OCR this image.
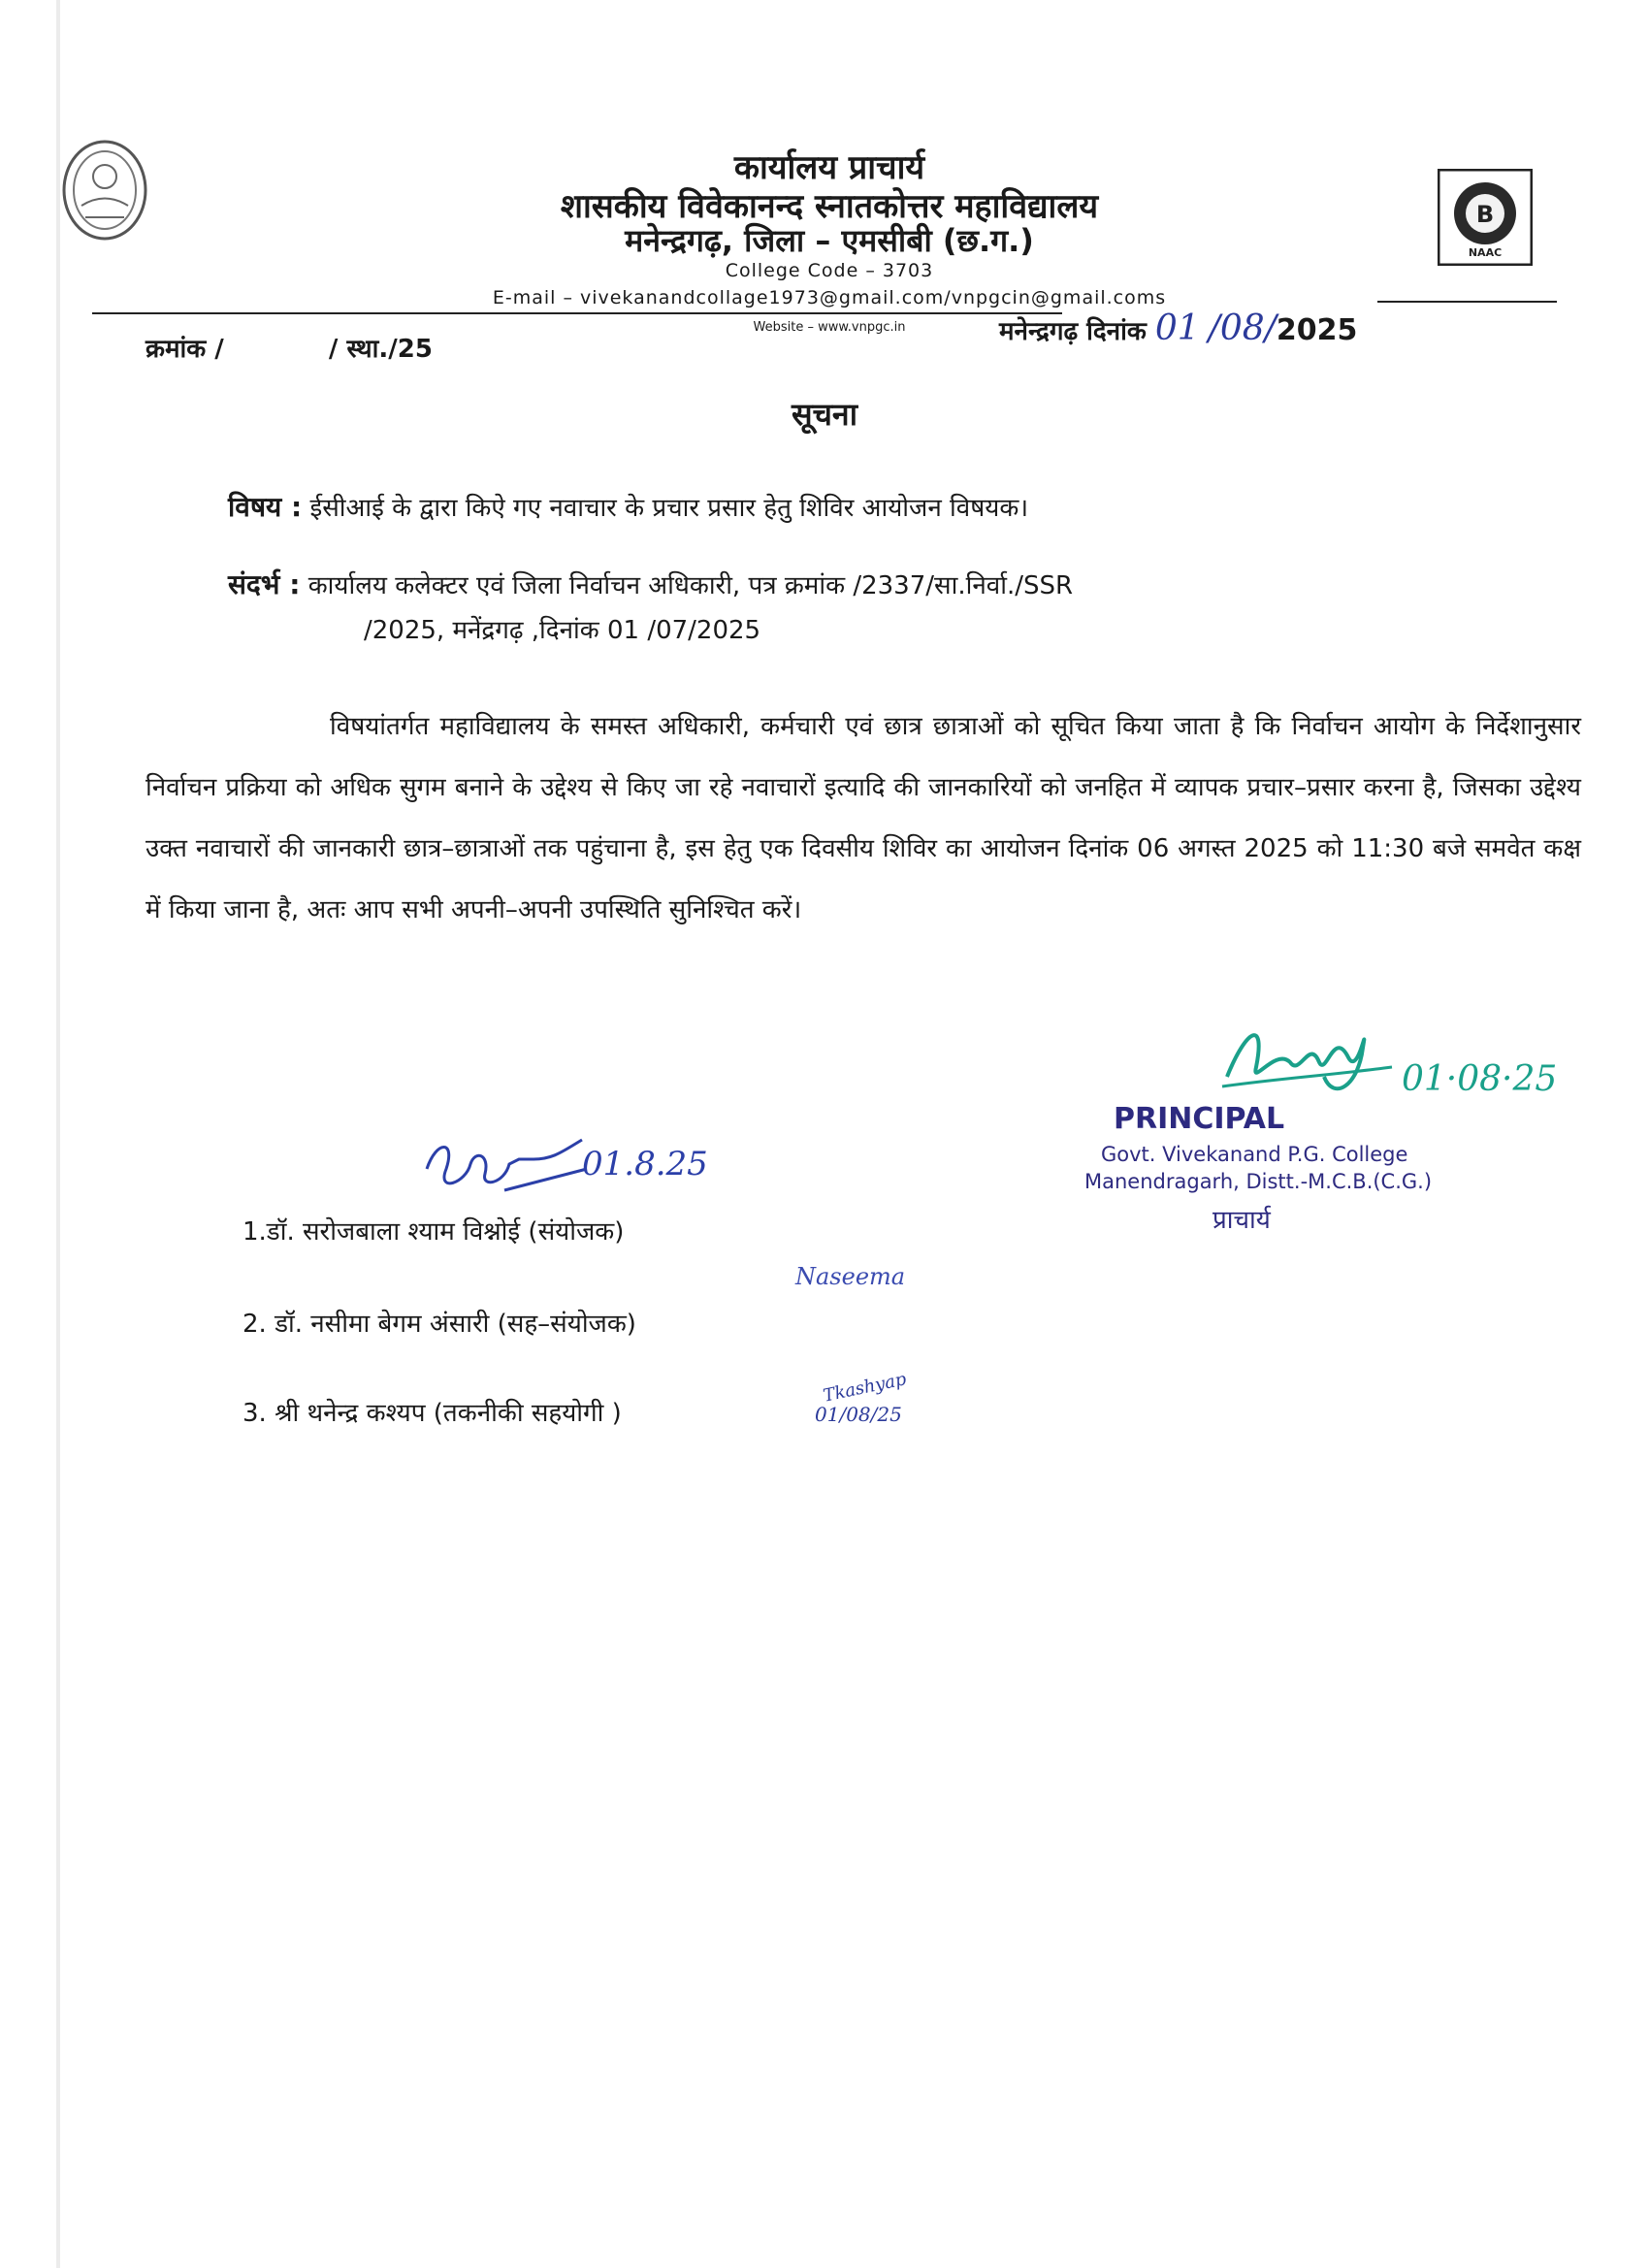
B
NAAC
कार्यालय प्राचार्य
शासकीय विवेकानन्द स्नातकोत्तर महाविद्यालय
मनेन्द्रगढ़, जिला – एमसीबी (छ.ग.)
College Code – 3703
E-mail – vivekanandcollage1973@gmail.com/vnpgcin@gmail.coms
Website – www.vnpgc.in
क्रमांक /	/ स्था./25
मनेन्द्रगढ़ दिनांक 01 /08/2025
सूचना
विषय : ईसीआई के द्वारा किऐ गए नवाचार के प्रचार प्रसार हेतु शिविर आयोजन विषयक।
संदर्भ : कार्यालय कलेक्टर एवं जिला निर्वाचन अधिकारी, पत्र क्रमांक /2337/सा.निर्वा./SSR
/2025, मनेंद्रगढ़ ,दिनांक 01 /07/2025
विषयांतर्गत महाविद्यालय के समस्त अधिकारी, कर्मचारी एवं छात्र छात्राओं को सूचित किया जाता है कि निर्वाचन आयोग के निर्देशानुसार निर्वाचन प्रक्रिया को अधिक सुगम बनाने के उद्देश्य से किए जा रहे नवाचारों इत्यादि की जानकारियों को जनहित में व्यापक प्रचार–प्रसार करना है, जिसका उद्देश्य उक्त नवाचारों की जानकारी छात्र–छात्राओं तक पहुंचाना है, इस हेतु एक दिवसीय शिविर का आयोजन दिनांक 06 अगस्त 2025 को 11:30 बजे समवेत कक्ष में किया जाना है, अतः आप सभी अपनी–अपनी उपस्थिति सुनिश्चित करें।
01·08·25
PRINCIPAL
Govt. Vivekanand P.G. College
Manendragarh, Distt.-M.C.B.(C.G.)
प्राचार्य
01.8.25
1.डॉ. सरोजबाला श्याम विश्नोई (संयोजक)
Naseema
2. डॉ. नसीमा बेगम अंसारी (सह–संयोजक)
3. श्री थनेन्द्र कश्यप (तकनीकी सहयोगी )
Tkashyap
01/08/25
